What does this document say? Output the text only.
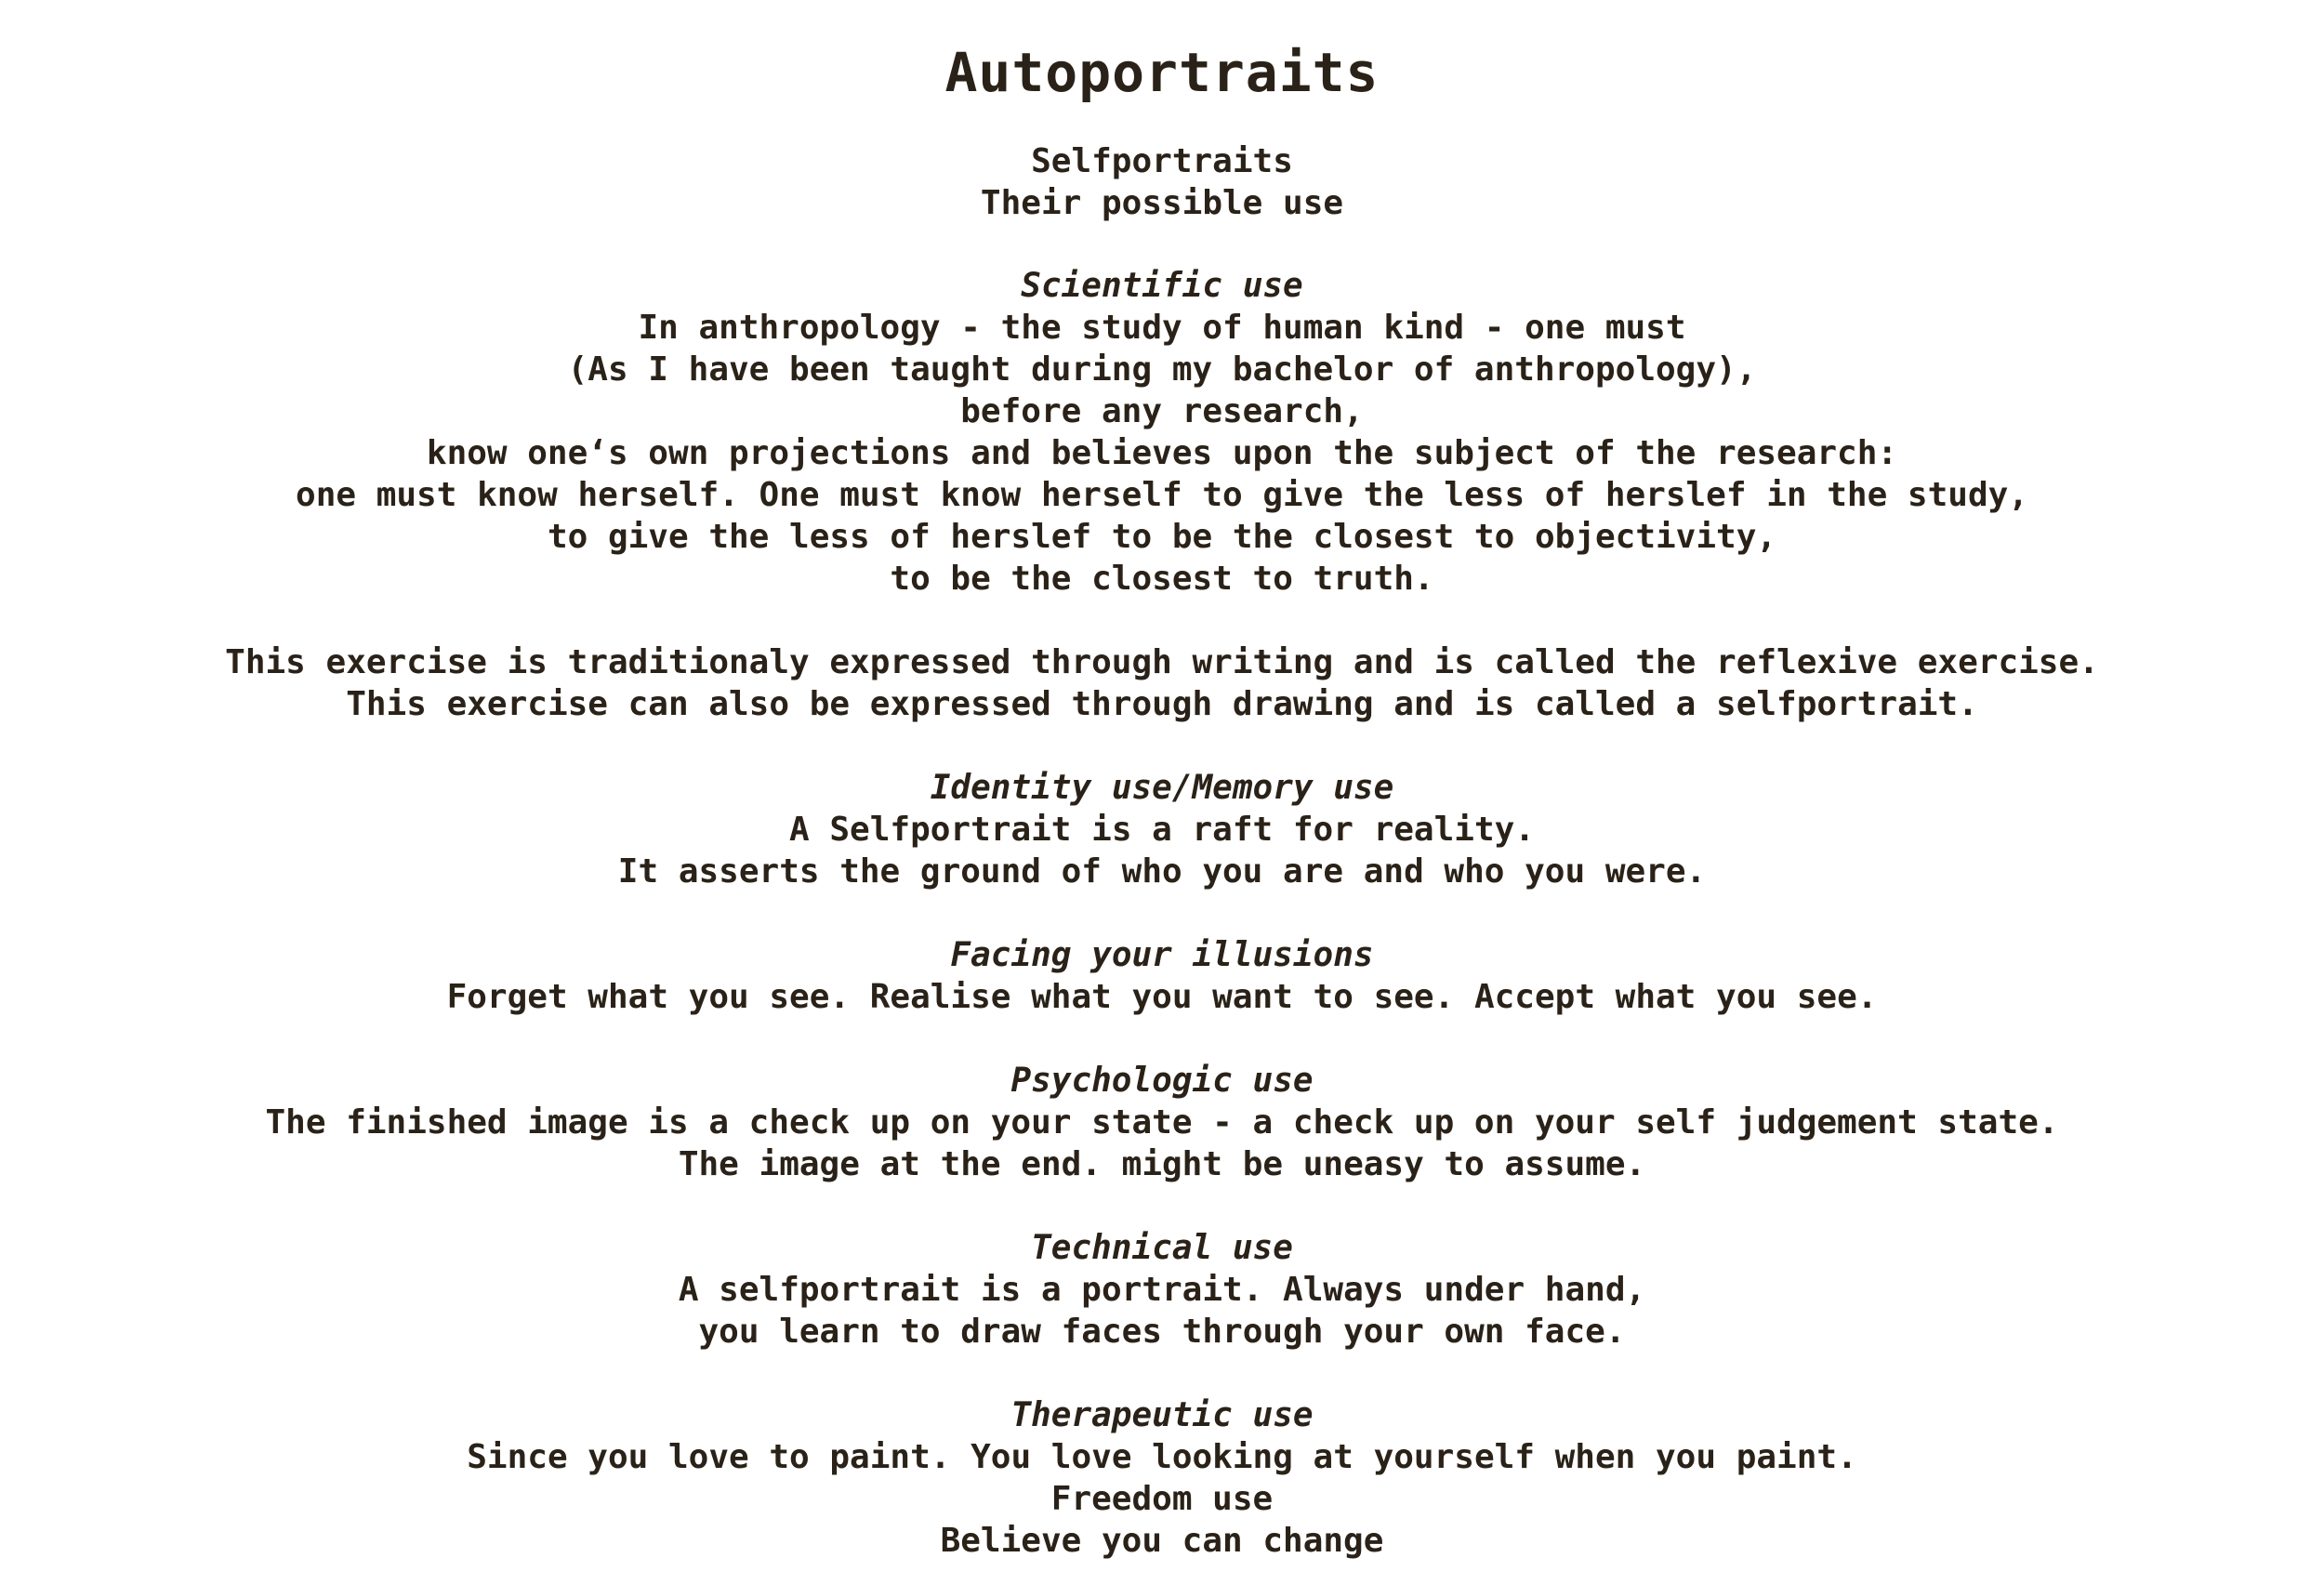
Autoportraits
Selfportraits
Their possible use
Scientific use
In anthropology - the study of human kind - one must
(As I have been taught during my bachelor of anthropology),
before any research,
know one‘s own projections and believes upon the subject of the research:
one must know herself. One must know herself to give the less of herslef in the study,
to give the less of herslef to be the closest to objectivity,
to be the closest to truth.
This exercise is traditionaly expressed through writing and is called the reflexive exercise.
This exercise can also be expressed through drawing and is called a selfportrait.
Identity use/Memory use
A Selfportrait is a raft for reality.
It asserts the ground of who you are and who you were.
Facing your illusions
Forget what you see. Realise what you want to see. Accept what you see.
Psychologic use
The finished image is a check up on your state - a check up on your self judgement state.
The image at the end. might be uneasy to assume.
Technical use
A selfportrait is a portrait. Always under hand,
you learn to draw faces through your own face.
Therapeutic use
Since you love to paint. You love looking at yourself when you paint.
Freedom use
Believe you can change
